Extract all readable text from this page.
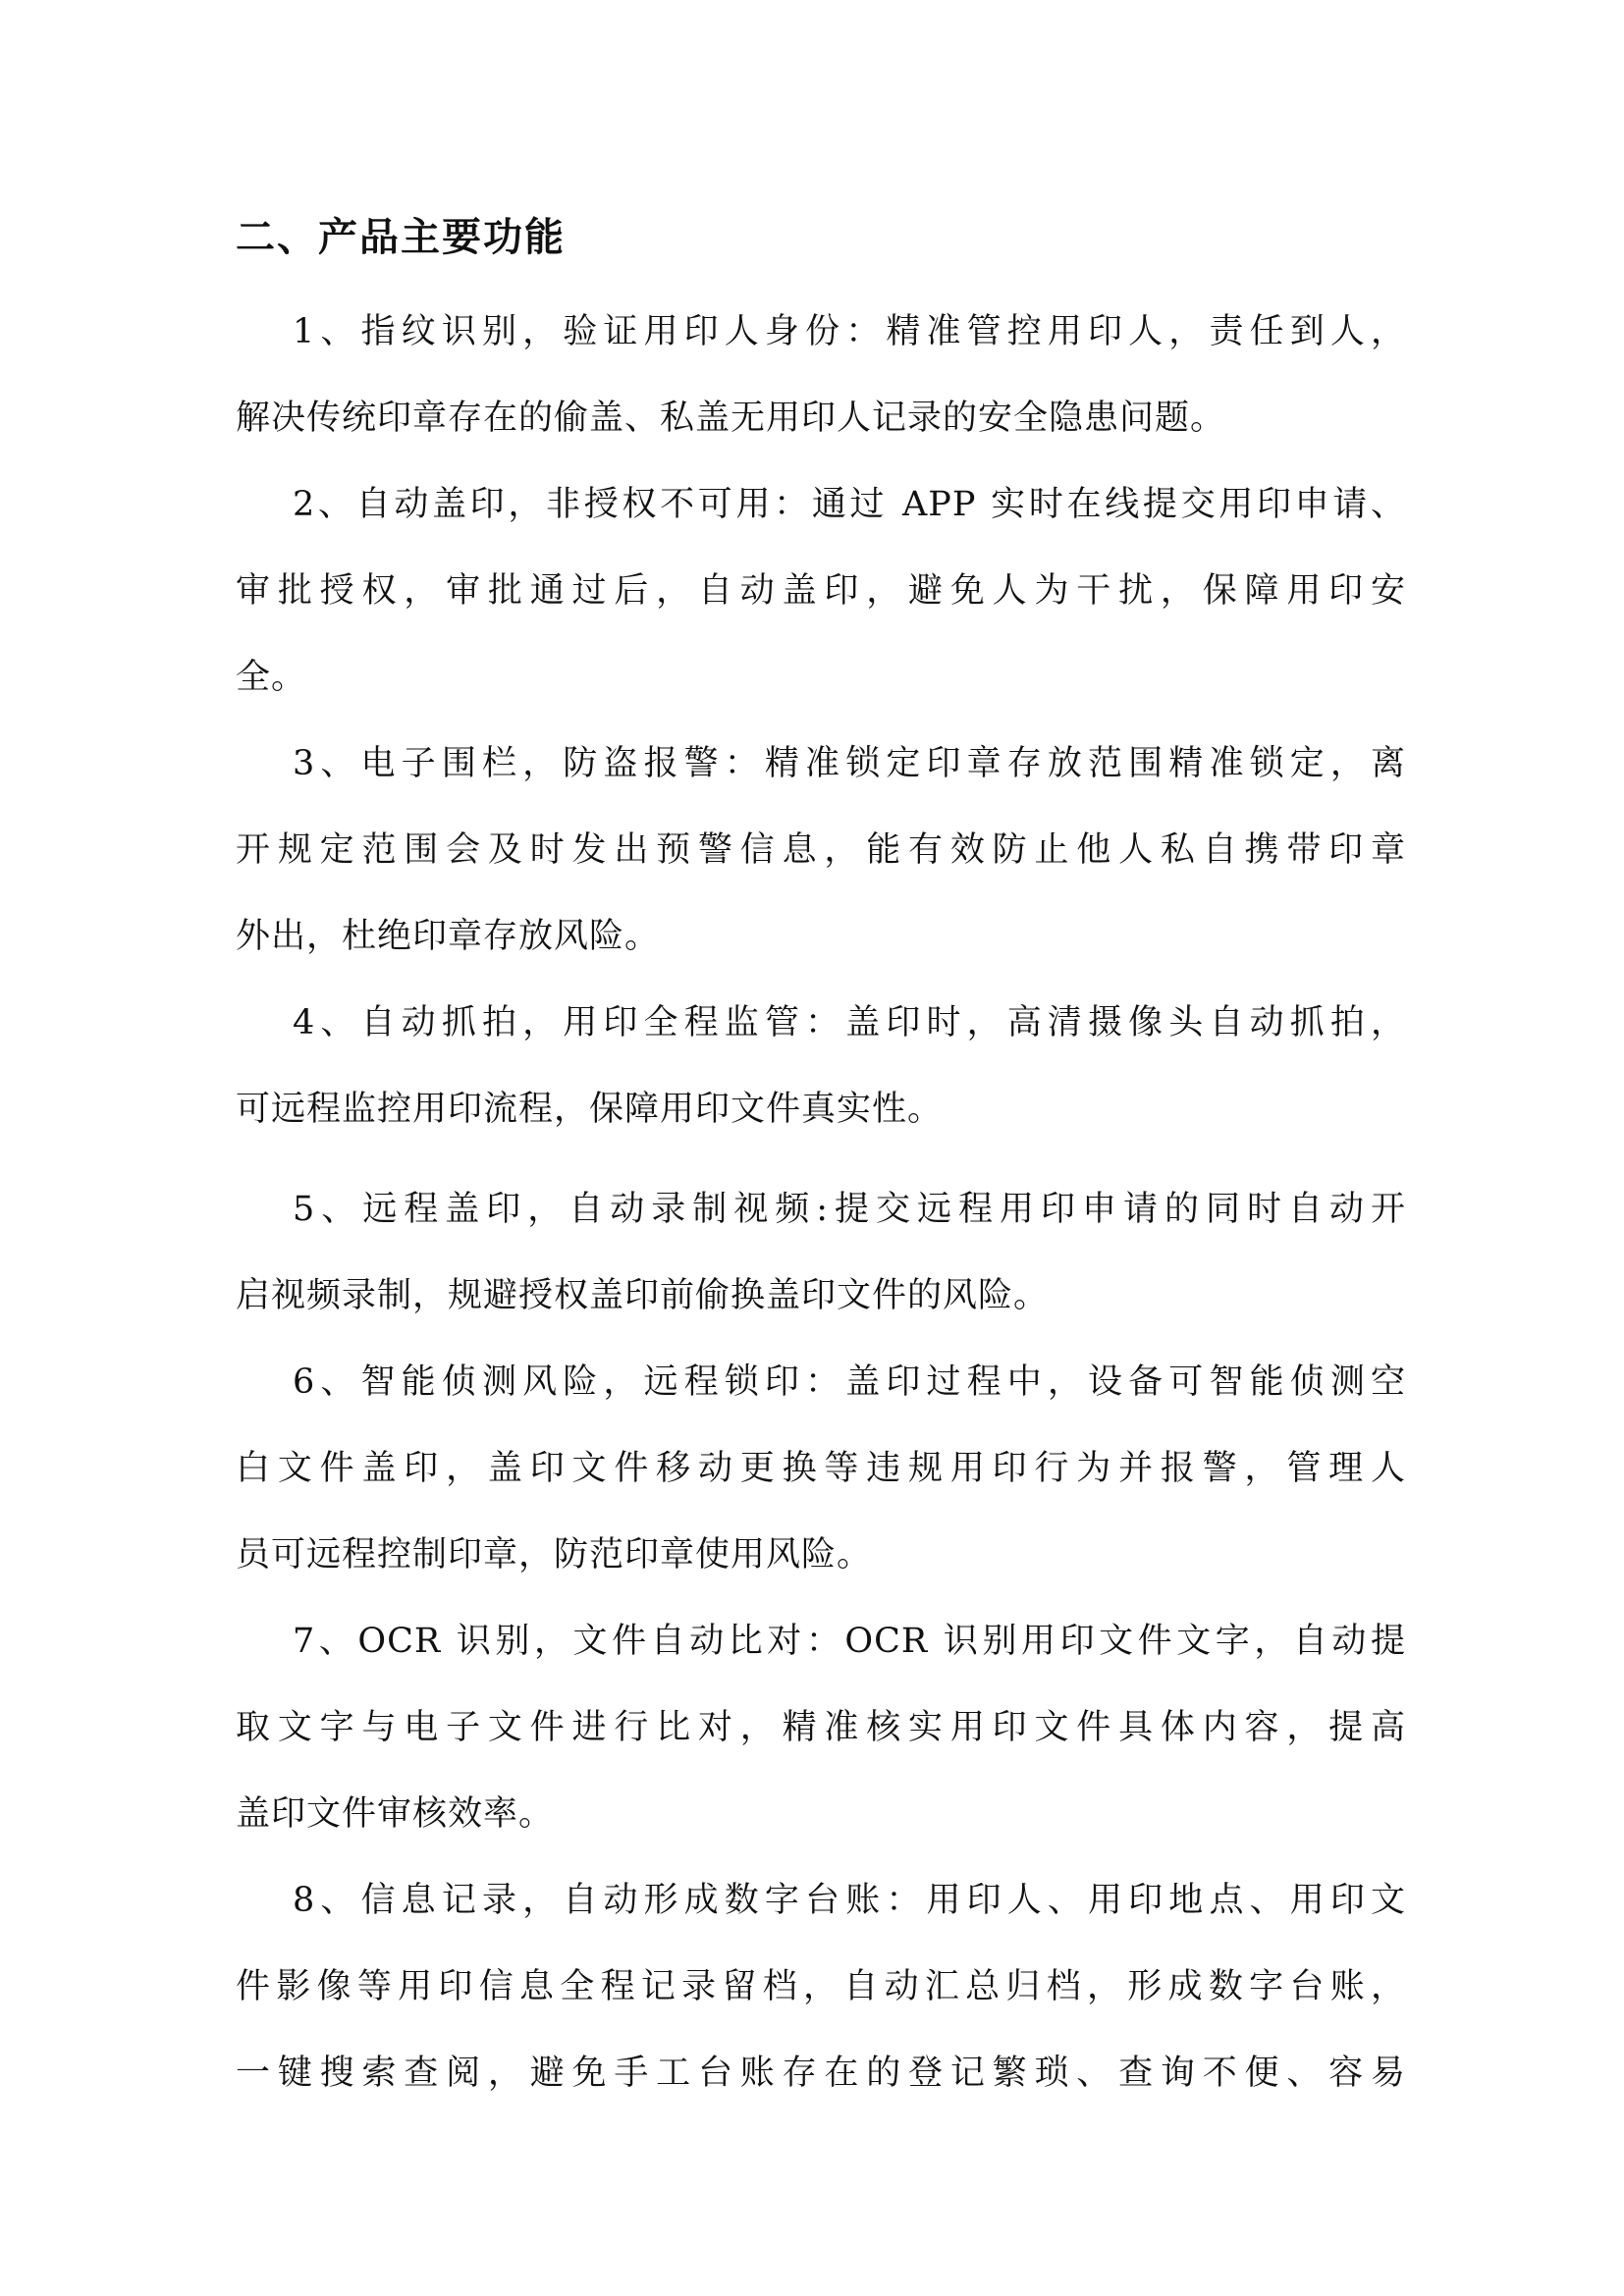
二、产品主要功能
1、指纹识别，验证用印人身份：精准管控用印人，责任到人，
解决传统印章存在的偷盖、私盖无用印人记录的安全隐患问题。
2、自动盖印，非授权不可用：通过 APP 实时在线提交用印申请、
审批授权，审批通过后，自动盖印，避免人为干扰，保障用印安
全。
3、电子围栏，防盗报警：精准锁定印章存放范围精准锁定，离
开规定范围会及时发出预警信息，能有效防止他人私自携带印章
外出，杜绝印章存放风险。
4、自动抓拍，用印全程监管：盖印时，高清摄像头自动抓拍，
可远程监控用印流程，保障用印文件真实性。
5、远程盖印，自动录制视频:提交远程用印申请的同时自动开
启视频录制，规避授权盖印前偷换盖印文件的风险。
6、智能侦测风险，远程锁印：盖印过程中，设备可智能侦测空
白文件盖印，盖印文件移动更换等违规用印行为并报警，管理人
员可远程控制印章，防范印章使用风险。
7、OCR 识别，文件自动比对：OCR 识别用印文件文字，自动提
取文字与电子文件进行比对，精准核实用印文件具体内容，提高
盖印文件审核效率。
8、信息记录，自动形成数字台账：用印人、用印地点、用印文
件影像等用印信息全程记录留档，自动汇总归档，形成数字台账，
一键搜索查阅，避免手工台账存在的登记繁琐、查询不便、容易
